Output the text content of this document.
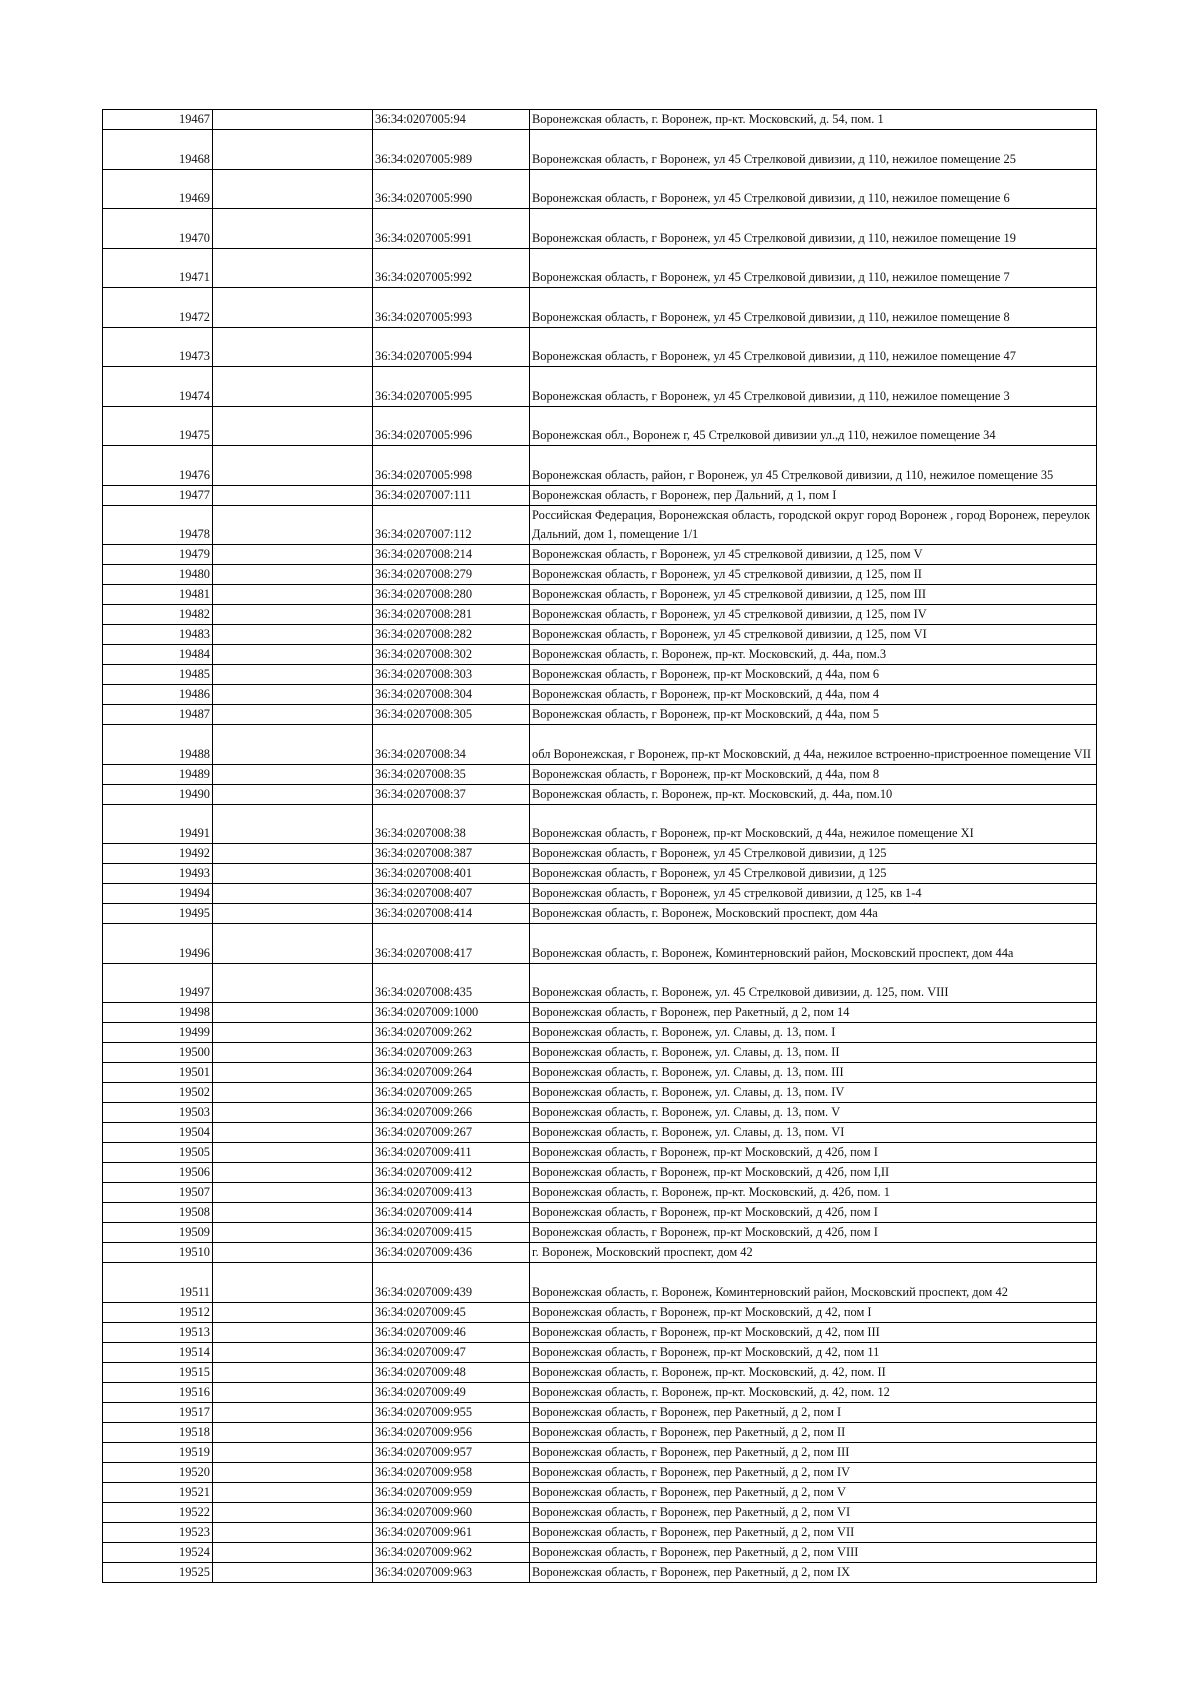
19467		36:34:0207005:94	Воронежская область, г. Воронеж, пр-кт. Московский, д. 54, пом. 1
19468		36:34:0207005:989	Воронежская область, г Воронеж, ул 45 Стрелковой дивизии, д 110, нежилое помещение 25
19469		36:34:0207005:990	Воронежская область, г Воронеж, ул 45 Стрелковой дивизии, д 110, нежилое помещение 6
19470		36:34:0207005:991	Воронежская область, г Воронеж, ул 45 Стрелковой дивизии, д 110, нежилое помещение 19
19471		36:34:0207005:992	Воронежская область, г Воронеж, ул 45 Стрелковой дивизии, д 110, нежилое помещение 7
19472		36:34:0207005:993	Воронежская область, г Воронеж, ул 45 Стрелковой дивизии, д 110, нежилое помещение 8
19473		36:34:0207005:994	Воронежская область, г Воронеж, ул 45 Стрелковой дивизии, д 110, нежилое помещение 47
19474		36:34:0207005:995	Воронежская область, г Воронеж, ул 45 Стрелковой дивизии, д 110, нежилое помещение 3
19475		36:34:0207005:996	Воронежская обл., Воронеж г, 45 Стрелковой дивизии ул.,д 110, нежилое помещение 34
19476		36:34:0207005:998	Воронежская область, район, г Воронеж, ул 45 Стрелковой дивизии, д 110, нежилое помещение 35
19477		36:34:0207007:111	Воронежская область, г Воронеж, пер Дальний, д 1, пом I
19478		36:34:0207007:112	Российская Федерация, Воронежская область, городской округ город Воронеж , город Воронеж, переулок Дальний, дом 1, помещение 1/1
19479		36:34:0207008:214	Воронежская область, г Воронеж, ул 45 стрелковой дивизии, д 125, пом V
19480		36:34:0207008:279	Воронежская область, г Воронеж, ул 45 стрелковой дивизии, д 125, пом II
19481		36:34:0207008:280	Воронежская область, г Воронеж, ул 45 стрелковой дивизии, д 125, пом III
19482		36:34:0207008:281	Воронежская область, г Воронеж, ул 45 стрелковой дивизии, д 125, пом IV
19483		36:34:0207008:282	Воронежская область, г Воронеж, ул 45 стрелковой дивизии, д 125, пом VI
19484		36:34:0207008:302	Воронежская область, г. Воронеж, пр-кт. Московский, д. 44а, пом.3
19485		36:34:0207008:303	Воронежская область, г Воронеж, пр-кт Московский, д 44а, пом 6
19486		36:34:0207008:304	Воронежская область, г Воронеж, пр-кт Московский, д 44а, пом 4
19487		36:34:0207008:305	Воронежская область, г Воронеж, пр-кт Московский, д 44а, пом 5
19488		36:34:0207008:34	обл Воронежская, г Воронеж, пр-кт Московский, д 44а, нежилое встроенно-пристроенное помещение VII
19489		36:34:0207008:35	Воронежская область, г Воронеж, пр-кт Московский, д 44а, пом 8
19490		36:34:0207008:37	Воронежская область, г. Воронеж, пр-кт. Московский, д. 44а, пом.10
19491		36:34:0207008:38	Воронежская область, г Воронеж, пр-кт Московский, д 44а, нежилое помещение XI
19492		36:34:0207008:387	Воронежская область, г Воронеж, ул 45 Стрелковой дивизии, д 125
19493		36:34:0207008:401	Воронежская область, г Воронеж, ул 45 Стрелковой дивизии, д 125
19494		36:34:0207008:407	Воронежская область, г Воронеж, ул 45 стрелковой дивизии, д 125, кв 1-4
19495		36:34:0207008:414	Воронежская область, г. Воронеж, Московский проспект, дом 44а
19496		36:34:0207008:417	Воронежская область, г. Воронеж, Коминтерновский район, Московский проспект, дом 44а
19497		36:34:0207008:435	Воронежская область, г. Воронеж, ул. 45 Стрелковой дивизии, д. 125, пом. VIII
19498		36:34:0207009:1000	Воронежская область, г Воронеж, пер Ракетный, д 2, пом 14
19499		36:34:0207009:262	Воронежская область, г. Воронеж, ул. Славы, д. 13, пом. I
19500		36:34:0207009:263	Воронежская область, г. Воронеж, ул. Славы, д. 13, пом. II
19501		36:34:0207009:264	Воронежская область, г. Воронеж, ул. Славы, д. 13, пом. III
19502		36:34:0207009:265	Воронежская область, г. Воронеж, ул. Славы, д. 13, пом. IV
19503		36:34:0207009:266	Воронежская область, г. Воронеж, ул. Славы, д. 13, пом. V
19504		36:34:0207009:267	Воронежская область, г. Воронеж, ул. Славы, д. 13, пом. VI
19505		36:34:0207009:411	Воронежская область, г Воронеж, пр-кт Московский, д 42б, пом I
19506		36:34:0207009:412	Воронежская область, г Воронеж, пр-кт Московский, д 42б, пом I,II
19507		36:34:0207009:413	Воронежская область, г. Воронеж, пр-кт. Московский, д. 42б, пом. 1
19508		36:34:0207009:414	Воронежская область, г Воронеж, пр-кт Московский, д 42б, пом I
19509		36:34:0207009:415	Воронежская область, г Воронеж, пр-кт Московский, д 42б, пом I
19510		36:34:0207009:436	г. Воронеж, Московский проспект, дом 42
19511		36:34:0207009:439	Воронежская область, г. Воронеж, Коминтерновский район, Московский проспект, дом 42
19512		36:34:0207009:45	Воронежская область, г Воронеж, пр-кт Московский, д 42, пом I
19513		36:34:0207009:46	Воронежская область, г Воронеж, пр-кт Московский, д 42, пом III
19514		36:34:0207009:47	Воронежская область, г Воронеж, пр-кт Московский, д 42, пом 11
19515		36:34:0207009:48	Воронежская область, г. Воронеж, пр-кт. Московский, д. 42, пом. II
19516		36:34:0207009:49	Воронежская область, г. Воронеж, пр-кт. Московский, д. 42, пом. 12
19517		36:34:0207009:955	Воронежская область, г Воронеж, пер Ракетный, д 2, пом I
19518		36:34:0207009:956	Воронежская область, г Воронеж, пер Ракетный, д 2, пом II
19519		36:34:0207009:957	Воронежская область, г Воронеж, пер Ракетный, д 2, пом III
19520		36:34:0207009:958	Воронежская область, г Воронеж, пер Ракетный, д 2, пом IV
19521		36:34:0207009:959	Воронежская область, г Воронеж, пер Ракетный, д 2, пом V
19522		36:34:0207009:960	Воронежская область, г Воронеж, пер Ракетный, д 2, пом VI
19523		36:34:0207009:961	Воронежская область, г Воронеж, пер Ракетный, д 2, пом VII
19524		36:34:0207009:962	Воронежская область, г Воронеж, пер Ракетный, д 2, пом VIII
19525		36:34:0207009:963	Воронежская область, г Воронеж, пер Ракетный, д 2, пом IX
